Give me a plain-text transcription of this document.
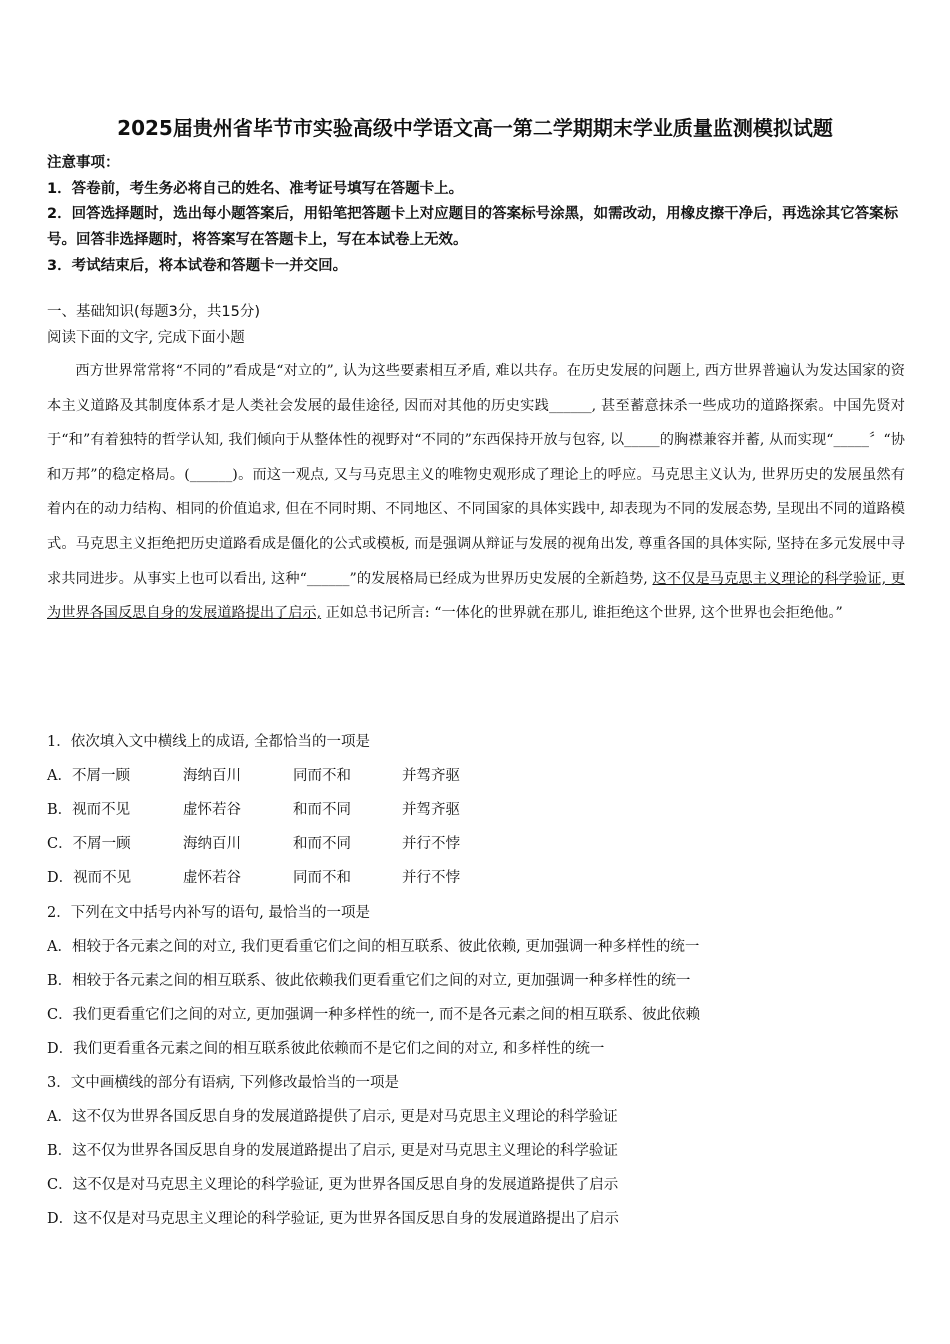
2025届贵州省毕节市实验高级中学语文高一第二学期期末学业质量监测模拟试题
注意事项：
1．答卷前，考生务必将自己的姓名、准考证号填写在答题卡上。
2．回答选择题时，选出每小题答案后，用铅笔把答题卡上对应题目的答案标号涂黑，如需改动，用橡皮擦干净后，再选涂其它答案标号。回答非选择题时，将答案写在答题卡上，写在本试卷上无效。
3．考试结束后，将本试卷和答题卡一并交回。
一、基础知识(每题3分，共15分)
阅读下面的文字, 完成下面小题
西方世界常常将“不同的”看成是“对立的”, 认为这些要素相互矛盾, 难以共存。在历史发展的问题上, 西方世界普遍认为发达国家的资本主义道路及其制度体系才是人类社会发展的最佳途径, 因而对其他的历史实践______, 甚至蓄意抹杀一些成功的道路探索。中国先贤对于“和”有着独特的哲学认知, 我们倾向于从整体性的视野对“不同的”东西保持开放与包容, 以_____的胸襟兼容并蓄, 从而实现“_____〞“协和万邦”的稳定格局。(______)。而这一观点, 又与马克思主义的唯物史观形成了理论上的呼应。马克思主义认为, 世界历史的发展虽然有着内在的动力结构、相同的价值追求, 但在不同时期、不同地区、不同国家的具体实践中, 却表现为不同的发展态势, 呈现出不同的道路模式。马克思主义拒绝把历史道路看成是僵化的公式或模板, 而是强调从辩证与发展的视角出发, 尊重各国的具体实际, 坚持在多元发展中寻求共同进步。从事实上也可以看出, 这种“______”的发展格局已经成为世界历史发展的全新趋势, 这不仅是马克思主义理论的科学验证, 更为世界各国反思自身的发展道路提出了启示, 正如总书记所言: “一体化的世界就在那儿, 谁拒绝这个世界, 这个世界也会拒绝他。”
1．依次填入文中横线上的成语, 全都恰当的一项是
A．不屑一顾	海纳百川	同而不和	并驾齐驱
B．视而不见	虚怀若谷	和而不同	并驾齐驱
C．不屑一顾	海纳百川	和而不同	并行不悖
D．视而不见	虚怀若谷	同而不和	并行不悖
2．下列在文中括号内补写的语句, 最恰当的一项是
A．相较于各元素之间的对立, 我们更看重它们之间的相互联系、彼此依赖, 更加强调一种多样性的统一
B．相较于各元素之间的相互联系、彼此依赖我们更看重它们之间的对立, 更加强调一种多样性的统一
C．我们更看重它们之间的对立, 更加强调一种多样性的统一, 而不是各元素之间的相互联系、彼此依赖
D．我们更看重各元素之间的相互联系彼此依赖而不是它们之间的对立, 和多样性的统一
3．文中画横线的部分有语病, 下列修改最恰当的一项是
A．这不仅为世界各国反思自身的发展道路提供了启示, 更是对马克思主义理论的科学验证
B．这不仅为世界各国反思自身的发展道路提出了启示, 更是对马克思主义理论的科学验证
C．这不仅是对马克思主义理论的科学验证, 更为世界各国反思自身的发展道路提供了启示
D．这不仅是对马克思主义理论的科学验证, 更为世界各国反思自身的发展道路提出了启示
